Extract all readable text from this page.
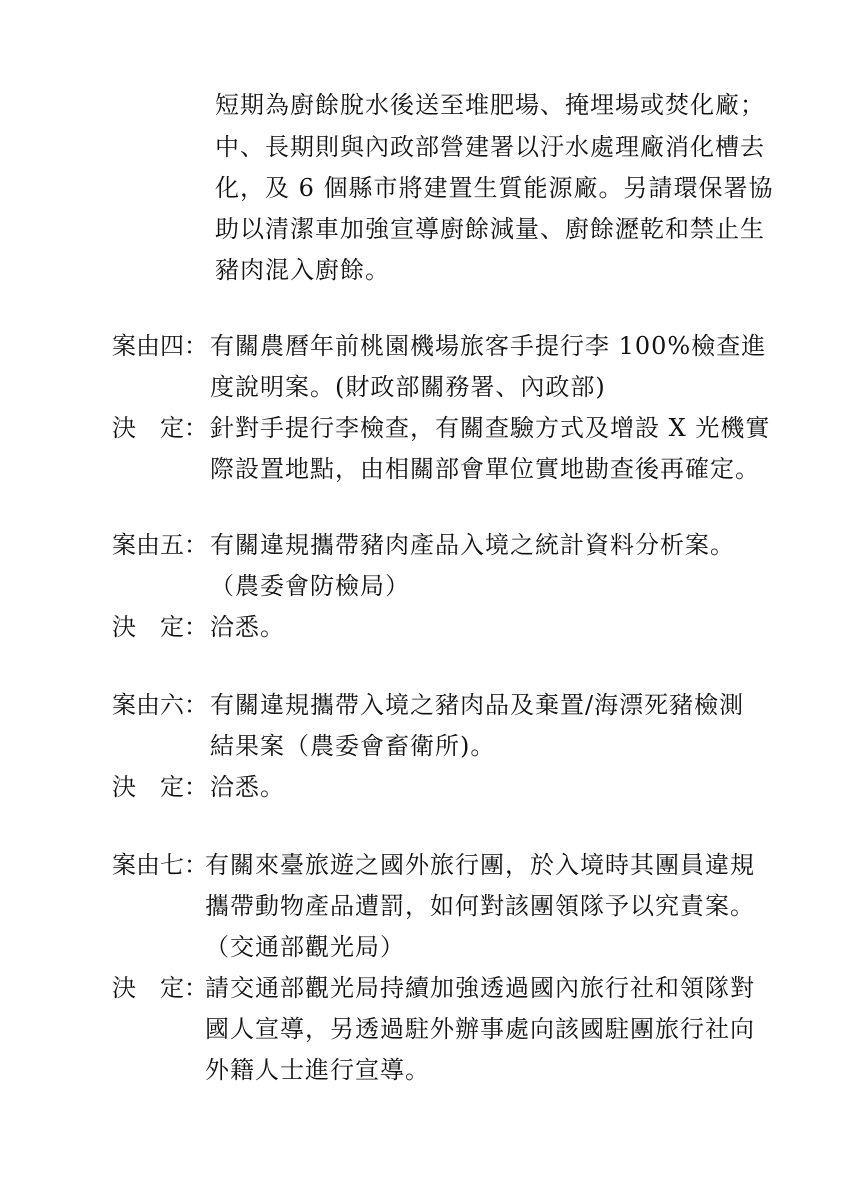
短期為廚餘脫水後送至堆肥場、掩埋場或焚化廠；
中、長期則與內政部營建署以汙水處理廠消化槽去
化，及 6 個縣市將建置生質能源廠。另請環保署協
助以清潔車加強宣導廚餘減量、廚餘瀝乾和禁止生
豬肉混入廚餘。
案由四： 有關農曆年前桃園機場旅客手提行李 100%檢查進
度說明案。(財政部關務署、內政部)
決　定： 針對手提行李檢查，有關查驗方式及增設 X 光機實
際設置地點，由相關部會單位實地勘查後再確定。
案由五： 有關違規攜帶豬肉產品入境之統計資料分析案。
（農委會防檢局）
決　定： 洽悉。
案由六： 有關違規攜帶入境之豬肉品及棄置/海漂死豬檢測
結果案（農委會畜衛所)。
決　定： 洽悉。
案由七：
有關來臺旅遊之國外旅行團，於入境時其團員違規
攜帶動物產品遭罰，如何對該團領隊予以究責案。
（交通部觀光局）
決　定：
請交通部觀光局持續加強透過國內旅行社和領隊對
國人宣導，另透過駐外辦事處向該國駐團旅行社向
外籍人士進行宣導。
